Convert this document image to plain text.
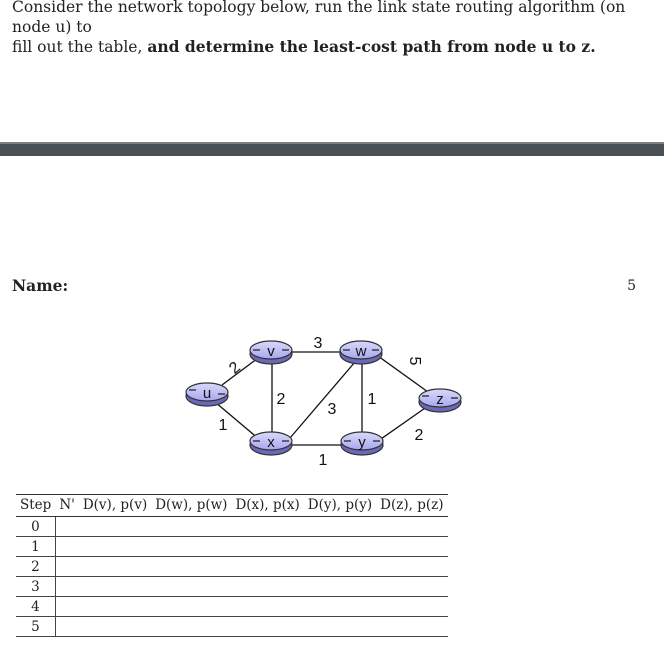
Consider the network topology below, run the link state routing algorithm (on node u) to
fill out the table, and determine the least-cost path from node u to z.
Name:	5
2
1
3
2
3
1
1
5
2
u
v	w
x	y
z
Step	N'	D(v), p(v)	D(w), p(w)	D(x), p(x)	D(y), p(y)	D(z), p(z)
0						
1						
2						
3						
4						
5						
